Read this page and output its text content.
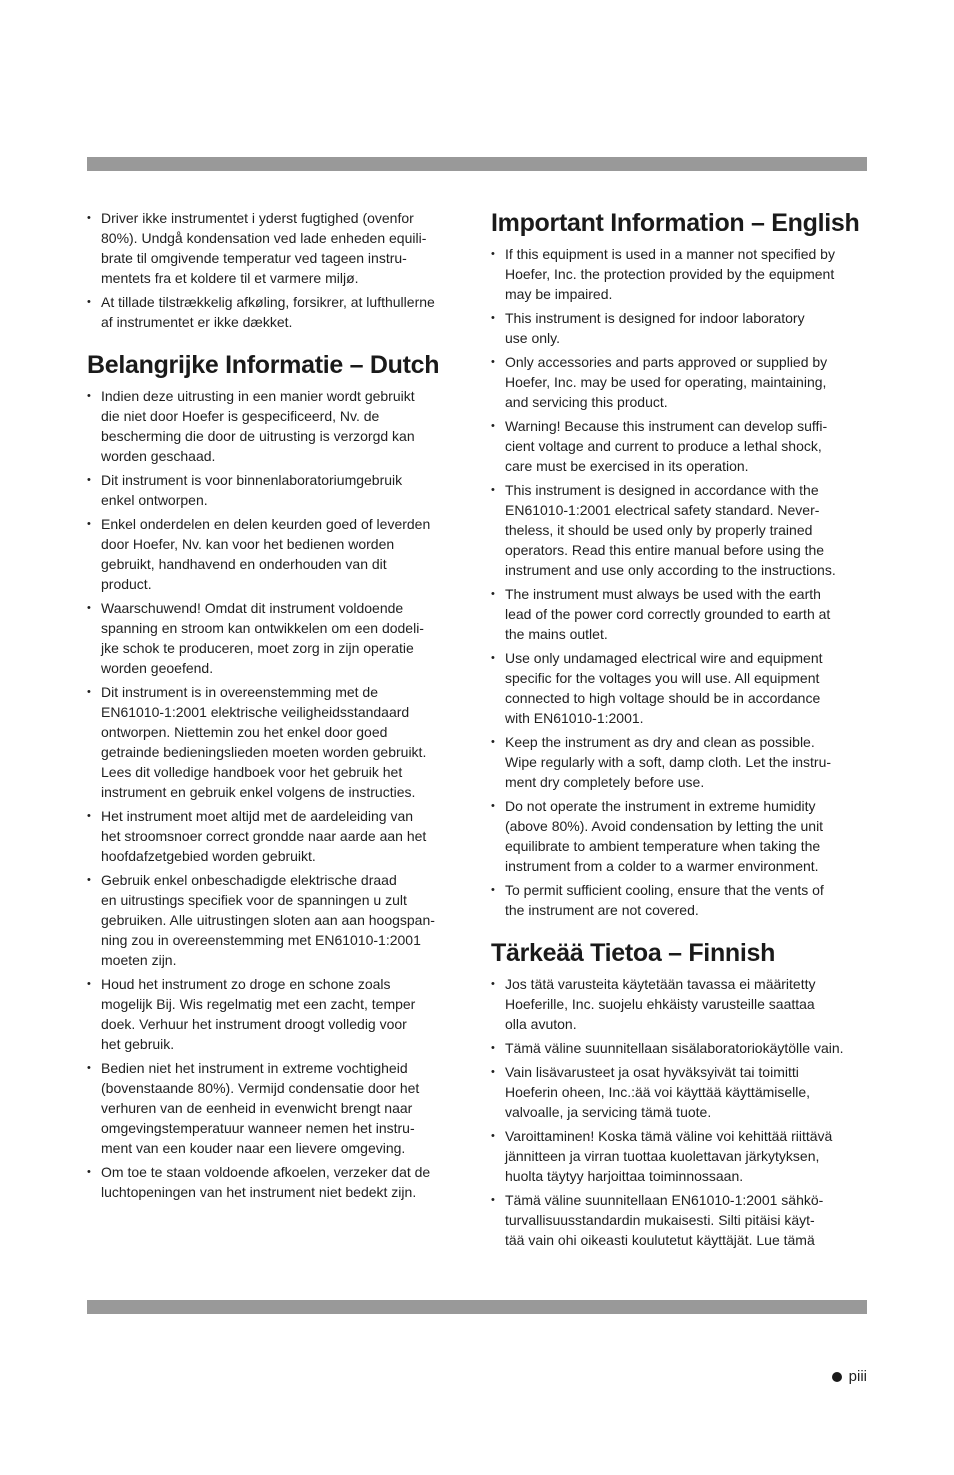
• Driver ikke instrumentet i yderst fugtighed (ovenfor
80%). Undgå kondensation ved lade enheden equili-
brate til omgivende temperatur ved tageen instru-
mentets fra et koldere til et varmere miljø.
• At tillade tilstrækkelig afkøling, forsikrer, at lufthullerne
af instrumentet er ikke dækket.
Belangrijke Informatie – Dutch
• Indien deze uitrusting in een manier wordt gebruikt
die niet door Hoefer is gespecificeerd, Nv. de
bescherming die door de uitrusting is verzorgd kan
worden geschaad.
• Dit instrument is voor binnenlaboratoriumgebruik
enkel ontworpen.
• Enkel onderdelen en delen keurden goed of leverden
door Hoefer, Nv. kan voor het bedienen worden
gebruikt, handhavend en onderhouden van dit
product.
• Waarschuwend! Omdat dit instrument voldoende
spanning en stroom kan ontwikkelen om een dodeli-
jke schok te produceren, moet zorg in zijn operatie
worden geoefend.
• Dit instrument is in overeenstemming met de
EN61010-1:2001 elektrische veiligheidsstandaard
ontworpen. Niettemin zou het enkel door goed
getrainde bedieningslieden moeten worden gebruikt.
Lees dit volledige handboek voor het gebruik het
instrument en gebruik enkel volgens de instructies.
• Het instrument moet altijd met de aardeleiding van
het stroomsnoer correct grondde naar aarde aan het
hoofdafzetgebied worden gebruikt.
• Gebruik enkel onbeschadigde elektrische draad
en uitrustings specifiek voor de spanningen u zult
gebruiken. Alle uitrustingen sloten aan aan hoogspan-
ning zou in overeenstemming met EN61010-1:2001
moeten zijn.
• Houd het instrument zo droge en schone zoals
mogelijk Bij. Wis regelmatig met een zacht, temper
doek. Verhuur het instrument droogt volledig voor
het gebruik.
• Bedien niet het instrument in extreme vochtigheid
(bovenstaande 80%). Vermijd condensatie door het
verhuren van de eenheid in evenwicht brengt naar
omgevingstemperatuur wanneer nemen het instru-
ment van een kouder naar een lievere omgeving.
• Om toe te staan voldoende afkoelen, verzeker dat de
luchtopeningen van het instrument niet bedekt zijn.
Important Information – English
• If this equipment is used in a manner not specified by
Hoefer, Inc. the protection provided by the equipment
may be impaired.
• This instrument is designed for indoor laboratory
use only.
• Only accessories and parts approved or supplied by
Hoefer, Inc. may be used for operating, maintaining,
and servicing this product.
• Warning! Because this instrument can develop suffi-
cient voltage and current to produce a lethal shock,
care must be exercised in its operation.
• This instrument is designed in accordance with the
EN61010-1:2001 electrical safety standard. Never-
theless, it should be used only by properly trained
operators. Read this entire manual before using the
instrument and use only according to the instructions.
• The instrument must always be used with the earth
lead of the power cord correctly grounded to earth at
the mains outlet.
• Use only undamaged electrical wire and equipment
specific for the voltages you will use. All equipment
connected to high voltage should be in accordance
with EN61010-1:2001.
• Keep the instrument as dry and clean as possible.
Wipe regularly with a soft, damp cloth. Let the instru-
ment dry completely before use.
• Do not operate the instrument in extreme humidity
(above 80%). Avoid condensation by letting the unit
equilibrate to ambient temperature when taking the
instrument from a colder to a warmer environment.
• To permit sufficient cooling, ensure that the vents of
the instrument are not covered.
Tärkeää Tietoa – Finnish
• Jos tätä varusteita käytetään tavassa ei määritetty
Hoeferille, Inc. suojelu ehkäisty varusteille saattaa
olla avuton.
• Tämä väline suunnitellaan sisälaboratoriokäytölle vain.
• Vain lisävarusteet ja osat hyväksyivät tai toimitti
Hoeferin oheen, Inc.:ää voi käyttää käyttämiselle,
valvoalle, ja servicing tämä tuote.
• Varoittaminen! Koska tämä väline voi kehittää riittävä
jännitteen ja virran tuottaa kuolettavan järkytyksen,
huolta täytyy harjoittaa toiminnossaan.
• Tämä väline suunnitellaan EN61010-1:2001 sähkö-
turvallisuusstandardin mukaisesti. Silti pitäisi käyt-
tää vain ohi oikeasti koulutetut käyttäjät. Lue tämä
piii
